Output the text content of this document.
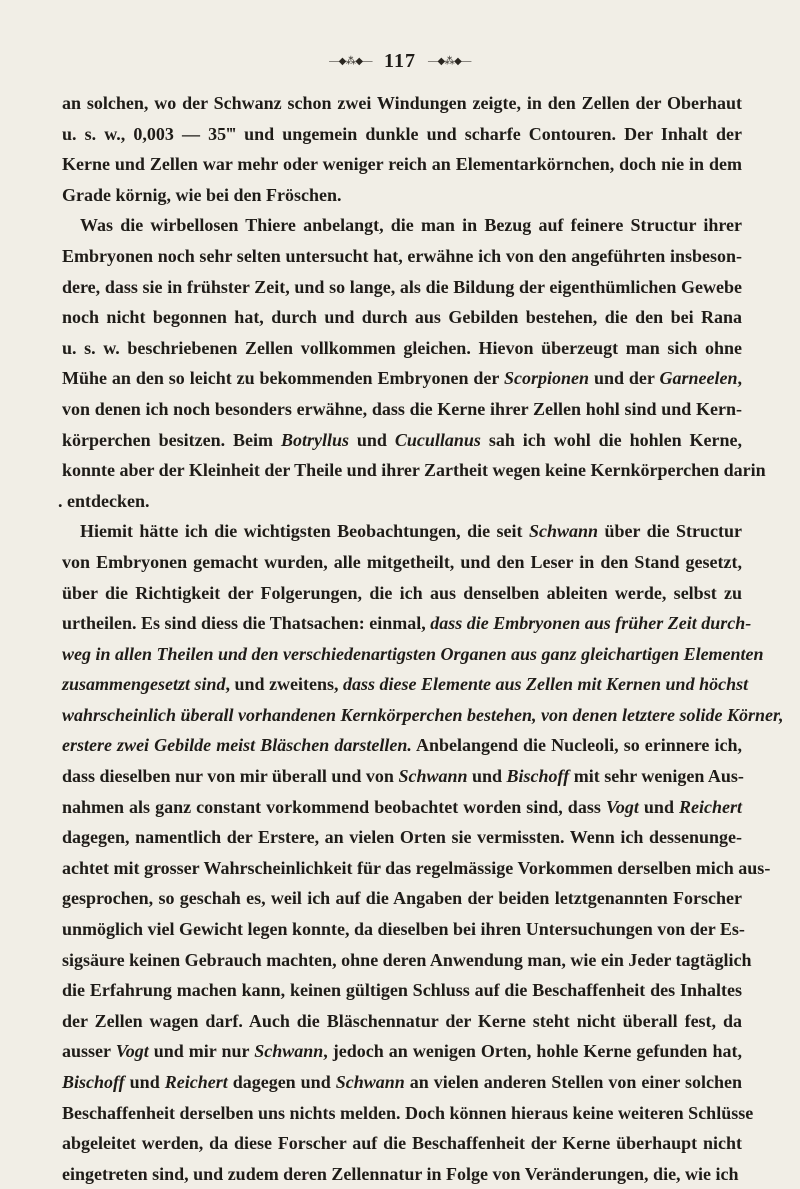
—◆⁂◆— 117 —◆⁂◆—
an solchen, wo der Schwanz schon zwei Windungen zeigte, in den Zellen der Oberhaut
u. s. w., 0,003 — 35‴ und ungemein dunkle und scharfe Contouren. Der Inhalt der
Kerne und Zellen war mehr oder weniger reich an Elementarkörnchen, doch nie in dem
Grade körnig, wie bei den Fröschen.
Was die wirbellosen Thiere anbelangt, die man in Bezug auf feinere Structur ihrer
Embryonen noch sehr selten untersucht hat, erwähne ich von den angeführten insbeson-
dere, dass sie in frühster Zeit, und so lange, als die Bildung der eigenthümlichen Gewebe
noch nicht begonnen hat, durch und durch aus Gebilden bestehen, die den bei Rana
u. s. w. beschriebenen Zellen vollkommen gleichen. Hievon überzeugt man sich ohne
Mühe an den so leicht zu bekommenden Embryonen der Scorpionen und der Garneelen,
von denen ich noch besonders erwähne, dass die Kerne ihrer Zellen hohl sind und Kern-
körperchen besitzen. Beim Botryllus und Cucullanus sah ich wohl die hohlen Kerne,
konnte aber der Kleinheit der Theile und ihrer Zartheit wegen keine Kernkörperchen darin
. entdecken.
Hiemit hätte ich die wichtigsten Beobachtungen, die seit Schwann über die Structur
von Embryonen gemacht wurden, alle mitgetheilt, und den Leser in den Stand gesetzt,
über die Richtigkeit der Folgerungen, die ich aus denselben ableiten werde, selbst zu
urtheilen. Es sind diess die Thatsachen: einmal, dass die Embryonen aus früher Zeit durch-
weg in allen Theilen und den verschiedenartigsten Organen aus ganz gleichartigen Elementen
zusammengesetzt sind, und zweitens, dass diese Elemente aus Zellen mit Kernen und höchst
wahrscheinlich überall vorhandenen Kernkörperchen bestehen, von denen letztere solide Körner,
erstere zwei Gebilde meist Bläschen darstellen. Anbelangend die Nucleoli, so erinnere ich,
dass dieselben nur von mir überall und von Schwann und Bischoff mit sehr wenigen Aus-
nahmen als ganz constant vorkommend beobachtet worden sind, dass Vogt und Reichert
dagegen, namentlich der Erstere, an vielen Orten sie vermissten. Wenn ich dessenunge-
achtet mit grosser Wahrscheinlichkeit für das regelmässige Vorkommen derselben mich aus-
gesprochen, so geschah es, weil ich auf die Angaben der beiden letztgenannten Forscher
unmöglich viel Gewicht legen konnte, da dieselben bei ihren Untersuchungen von der Es-
sigsäure keinen Gebrauch machten, ohne deren Anwendung man, wie ein Jeder tagtäglich
die Erfahrung machen kann, keinen gültigen Schluss auf die Beschaffenheit des Inhaltes
der Zellen wagen darf. Auch die Bläschennatur der Kerne steht nicht überall fest, da
ausser Vogt und mir nur Schwann, jedoch an wenigen Orten, hohle Kerne gefunden hat,
Bischoff und Reichert dagegen und Schwann an vielen anderen Stellen von einer solchen
Beschaffenheit derselben uns nichts melden. Doch können hieraus keine weiteren Schlüsse
abgeleitet werden, da diese Forscher auf die Beschaffenheit der Kerne überhaupt nicht
eingetreten sind, und zudem deren Zellennatur in Folge von Veränderungen, die, wie ich
